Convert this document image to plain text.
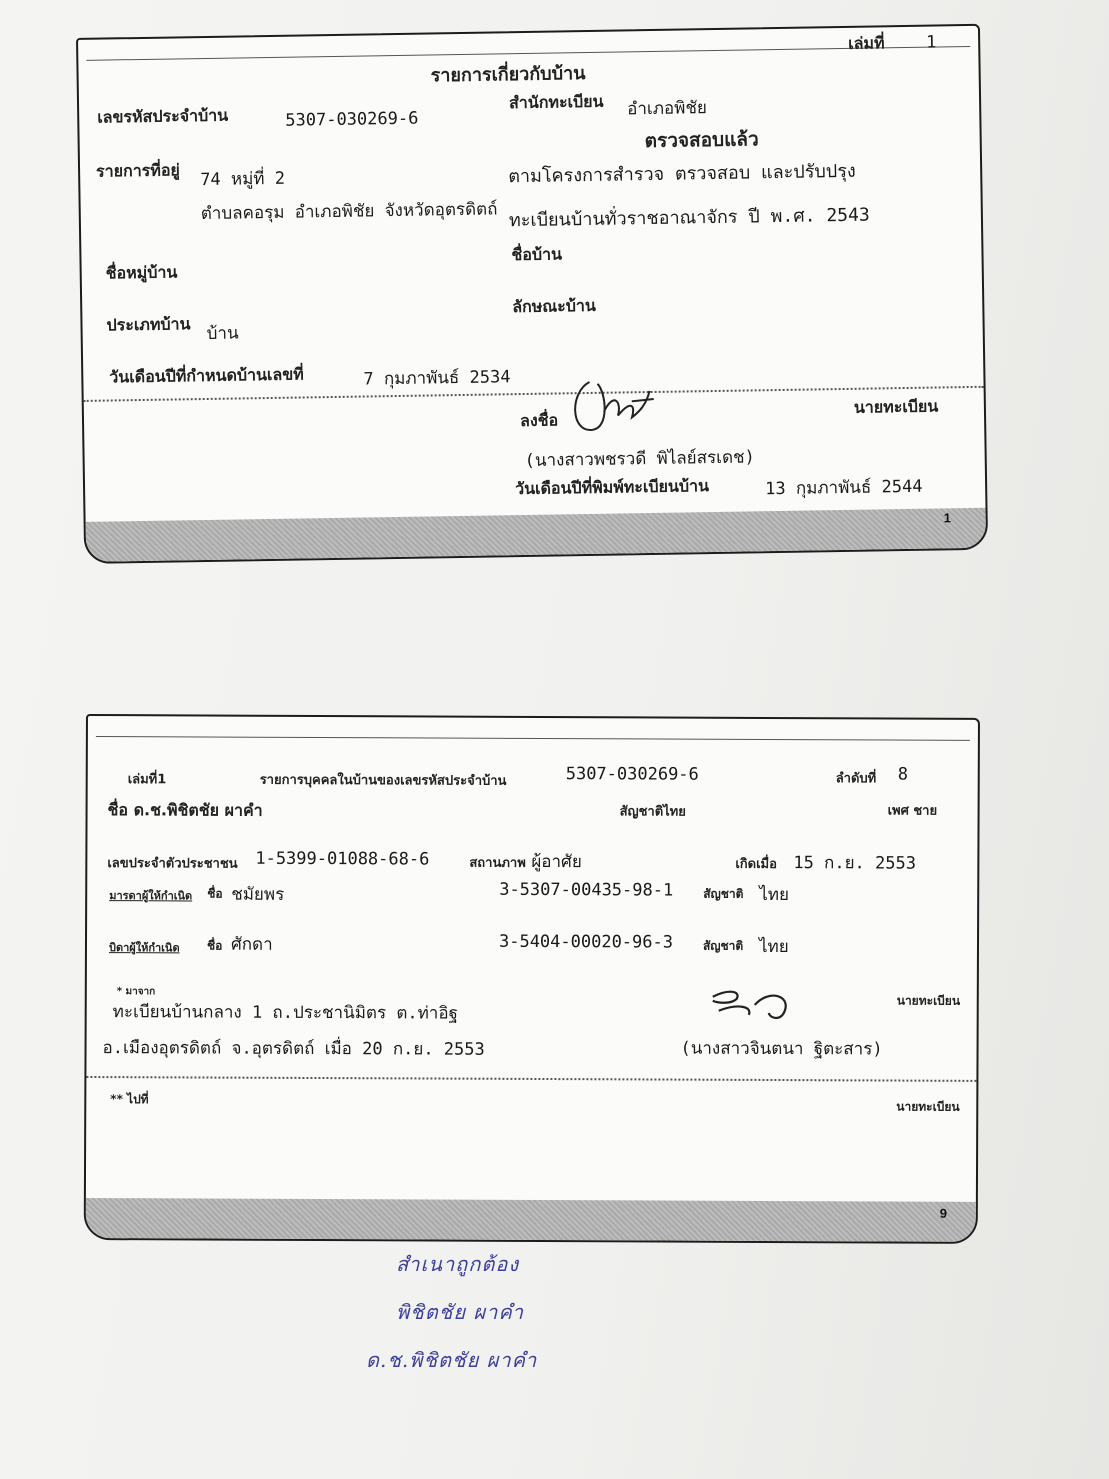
เล่มที่ 1
รายการเกี่ยวกับบ้าน
เลขรหัสประจำบ้าน	5307-030269-6
สำนักทะเบียน อำเภอพิชัย
ตรวจสอบแล้ว
รายการที่อยู่ 74 หมู่ที่ 2
ตำบลคอรุม อำเภอพิชัย จังหวัดอุตรดิตถ์
ตามโครงการสำรวจ ตรวจสอบ และปรับปรุง
ทะเบียนบ้านทั่วราชอาณาจักร ปี พ.ศ. 2543
ชื่อหมู่บ้าน
ชื่อบ้าน
ประเภทบ้าน บ้าน
ลักษณะบ้าน
วันเดือนปีที่กำหนดบ้านเลขที่	7 กุมภาพันธ์ 2534
ลงชื่อ
นายทะเบียน
(นางสาวพชรวดี พิไลย์สรเดช)
วันเดือนปีที่พิมพ์ทะเบียนบ้าน	13 กุมภาพันธ์ 2544
1
เล่มที่1	รายการบุคคลในบ้านของเลขรหัสประจำบ้าน	5307-030269-6	ลำดับที่ 8
ชื่อ ด.ช.พิชิตชัย ผาคำ	สัญชาติไทย	เพศ ชาย
เลขประจำตัวประชาชน 1-5399-01088-68-6	สถานภาพ ผู้อาศัย	เกิดเมื่อ 15 ก.ย. 2553
มารดาผู้ให้กำเนิด ชื่อ ชมัยพร	3-5307-00435-98-1 สัญชาติ ไทย
บิดาผู้ให้กำเนิด ชื่อ ศักดา	3-5404-00020-96-3 สัญชาติ ไทย
* มาจาก
ทะเบียนบ้านกลาง 1 ถ.ประชานิมิตร ต.ท่าอิฐ
อ.เมืองอุตรดิตถ์ จ.อุตรดิตถ์ เมื่อ 20 ก.ย. 2553
นายทะเบียน
(นางสาวจินตนา ฐิตะสาร)
** ไปที่
นายทะเบียน
9
สำเนาถูกต้อง
พิชิตชัย ผาคำ
ด.ช.พิชิตชัย ผาคำ
